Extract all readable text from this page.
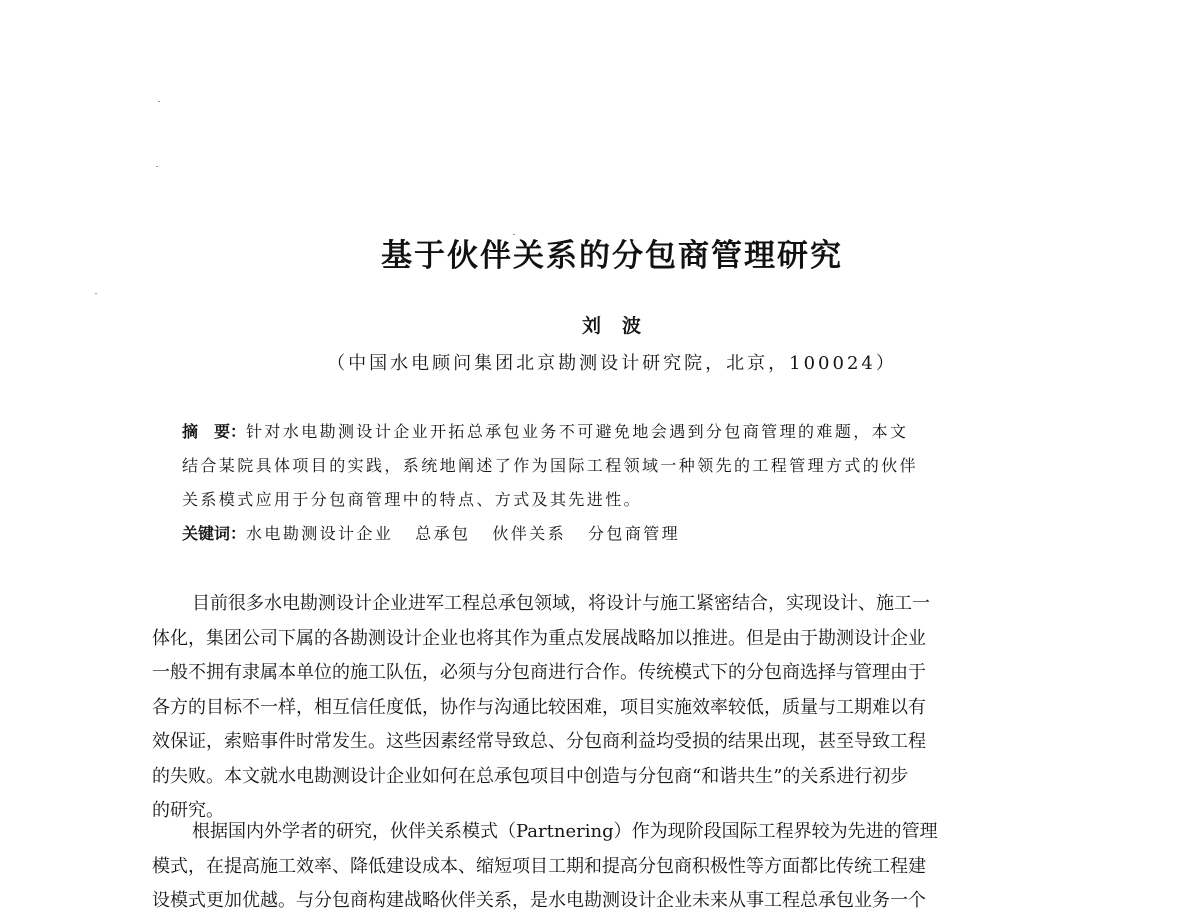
基于伙伴关系的分包商管理研究

刘　波

（中国水电顾问集团北京勘测设计研究院，北京，100024）

摘　要：针对水电勘测设计企业开拓总承包业务不可避免地会遇到分包商管理的难题，本文
结合某院具体项目的实践，系统地阐述了作为国际工程领域一种领先的工程管理方式的伙伴
关系模式应用于分包商管理中的特点、方式及其先进性。
关键词：水电勘测设计企业 总承包 伙伴关系 分包商管理
目前很多水电勘测设计企业进军工程总承包领域，将设计与施工紧密结合，实现设计、施工一
体化，集团公司下属的各勘测设计企业也将其作为重点发展战略加以推进。但是由于勘测设计企业
一般不拥有隶属本单位的施工队伍，必须与分包商进行合作。传统模式下的分包商选择与管理由于
各方的目标不一样，相互信任度低，协作与沟通比较困难，项目实施效率较低，质量与工期难以有
效保证，索赔事件时常发生。这些因素经常导致总、分包商利益均受损的结果出现，甚至导致工程
的失败。本文就水电勘测设计企业如何在总承包项目中创造与分包商“和谐共生”的关系进行初步
的研究。
根据国内外学者的研究，伙伴关系模式（Partnering）作为现阶段国际工程界较为先进的管理
模式，在提高施工效率、降低建设成本、缩短项目工期和提高分包商积极性等方面都比传统工程建
设模式更加优越。与分包商构建战略伙伴关系，是水电勘测设计企业未来从事工程总承包业务一个
